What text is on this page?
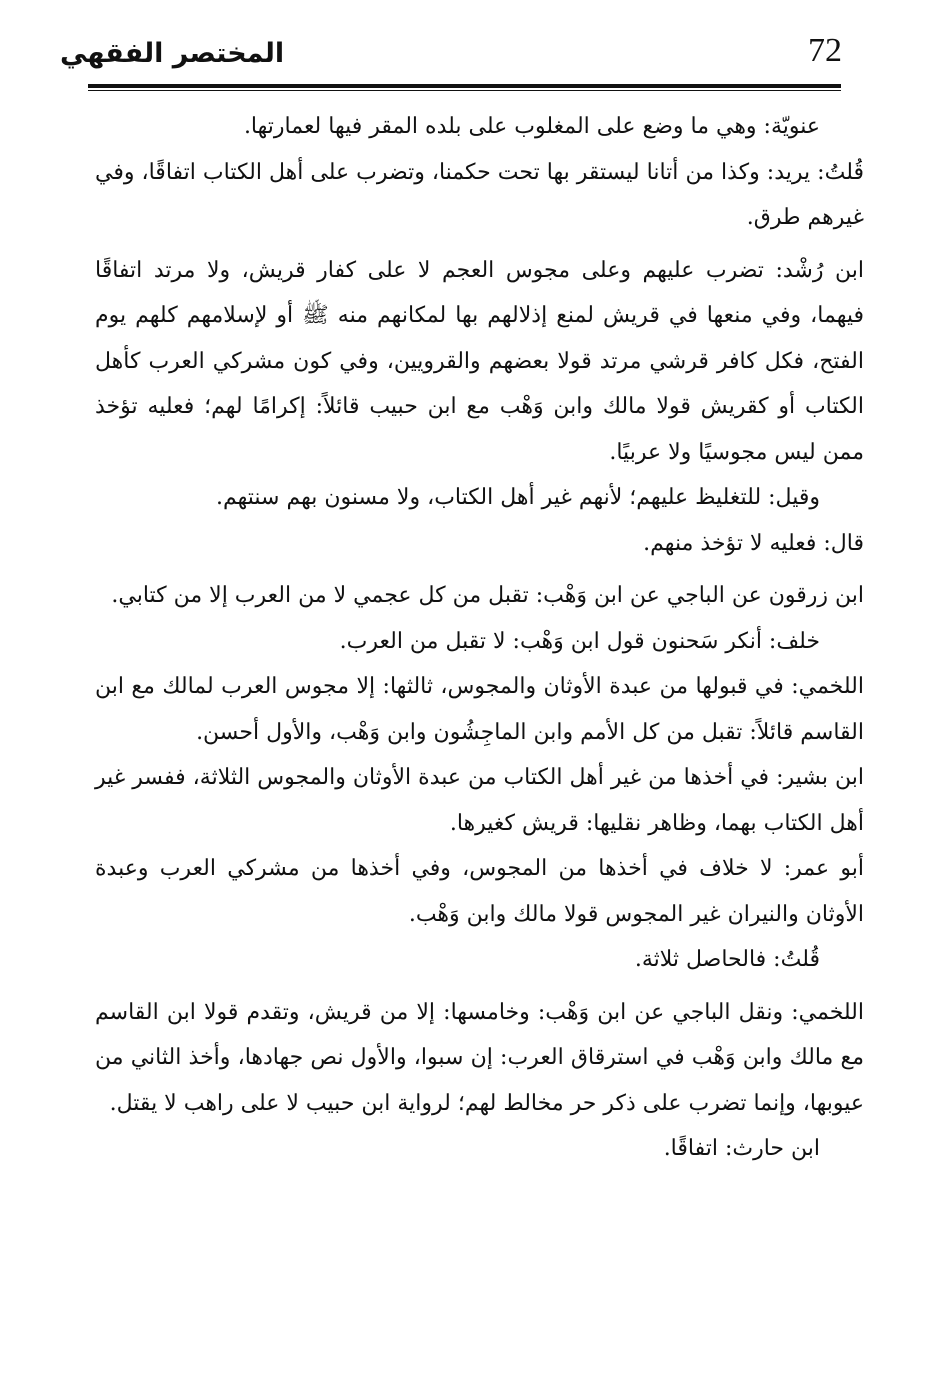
72
المختصر الفقهي

عنويّة: وهي ما وضع على المغلوب على بلده المقر فيها لعمارتها.

قُلتُ: يريد: وكذا من أتانا ليستقر بها تحت حكمنا، وتضرب على أهل الكتاب اتفاقًا، وفي غيرهم طرق.

ابن رُشْد: تضرب عليهم وعلى مجوس العجم لا على كفار قريش، ولا مرتد اتفاقًا فيهما، وفي منعها في قريش لمنع إذلالهم بها لمكانهم منه ﷺ أو لإسلامهم كلهم يوم الفتح، فكل كافر قرشي مرتد قولا بعضهم والقرويين، وفي كون مشركي العرب كأهل الكتاب أو كقريش قولا مالك وابن وَهْب مع ابن حبيب قائلاً: إكرامًا لهم؛ فعليه تؤخذ ممن ليس مجوسيًا ولا عربيًا.

وقيل: للتغليظ عليهم؛ لأنهم غير أهل الكتاب، ولا مسنون بهم سنتهم.

قال: فعليه لا تؤخذ منهم.

ابن زرقون عن الباجي عن ابن وَهْب: تقبل من كل عجمي لا من العرب إلا من كتابي.

خلف: أنكر سَحنون قول ابن وَهْب: لا تقبل من العرب.

اللخمي: في قبولها من عبدة الأوثان والمجوس، ثالثها: إلا مجوس العرب لمالك مع ابن القاسم قائلاً: تقبل من كل الأمم وابن الماجِشُون وابن وَهْب، والأول أحسن.

ابن بشير: في أخذها من غير أهل الكتاب من عبدة الأوثان والمجوس الثلاثة، ففسر غير أهل الكتاب بهما، وظاهر نقليها: قريش كغيرها.

أبو عمر: لا خلاف في أخذها من المجوس، وفي أخذها من مشركي العرب وعبدة الأوثان والنيران غير المجوس قولا مالك وابن وَهْب.

قُلتُ: فالحاصل ثلاثة.

اللخمي: ونقل الباجي عن ابن وَهْب: وخامسها: إلا من قريش، وتقدم قولا ابن القاسم مع مالك وابن وَهْب في استرقاق العرب: إن سبوا، والأول نص جهادها، وأخذ الثاني من عيوبها، وإنما تضرب على ذكر حر مخالط لهم؛ لرواية ابن حبيب لا على راهب لا يقتل.

ابن حارث: اتفاقًا.
